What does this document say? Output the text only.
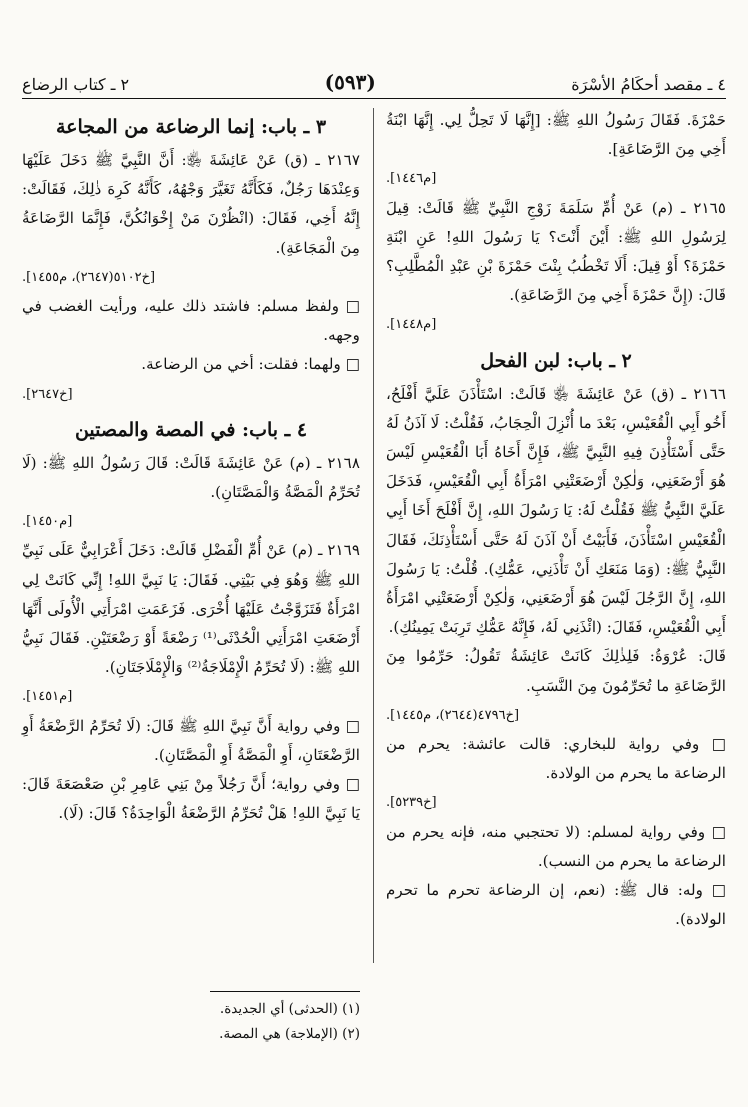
٤ ـ مقصد أحكَامُ الأسْرَة
(٥٩٣)
٢ ـ كتاب الرضاع

حَمْزَةَ. فَقَالَ رَسُولُ اللهِ ﷺ: [إِنَّهَا لَا تَحِلُّ لِي. إِنَّهَا ابْنَةُ أَخِي مِنَ الرَّضَاعَةِ].

[م١٤٤٦].

٢١٦٥ ـ (م) عَنْ أُمِّ سَلَمَةَ زَوْجِ النَّبِيِّ ﷺ قَالَتْ: قِيلَ لِرَسُولِ اللهِ ﷺ: أَيْنَ أَنْتَ؟ يَا رَسُولَ اللهِ! عَنِ ابْنَةِ حَمْزَةَ؟ أَوْ قِيلَ: أَلَا تَخْطُبُ بِنْتَ حَمْزَةَ بْنِ عَبْدِ الْمُطَّلِبِ؟ قَالَ: (إِنَّ حَمْزَةَ أَخِي مِنَ الرَّضَاعَةِ).

[م١٤٤٨].
٢ ـ باب: لبن الفحل

٢١٦٦ ـ (ق) عَنْ عَائِشَةَ ﵂ قَالَتْ: اسْتَأْذَنَ عَلَيَّ أَفْلَحُ، أَخُو أَبِي الْقُعَيْسِ، بَعْدَ ما أُنْزِلَ الْحِجَابُ، فَقُلْتُ: لَا آذَنُ لَهُ حَتَّى أَسْتَأْذِنَ فِيهِ النَّبِيَّ ﷺ، فَإِنَّ أَخَاهُ أَبَا الْقُعَيْسِ لَيْسَ هُوَ أَرْضَعَنِي، وَلٰكِنْ أَرْضَعَتْنِي امْرَأَةُ أَبِي الْقُعَيْسِ، فَدَخَلَ عَلَيَّ النَّبِيُّ ﷺ فَقُلْتُ لَهُ: يَا رَسُولَ اللهِ، إِنَّ أَفْلَحَ أَخَا أَبِي الْقُعَيْسِ اسْتَأْذَنَ، فَأَبَيْتُ أَنْ آذَنَ لَهُ حَتَّى أَسْتَأْذِنَكَ، فَقَالَ النَّبِيُّ ﷺ: (وَمَا مَنَعَكِ أَنْ تَأْذَنِي، عَمُّكِ). قُلْتُ: يَا رَسُولَ اللهِ، إِنَّ الرَّجُلَ لَيْسَ هُوَ أَرْضَعَنِي، وَلٰكِنْ أَرْضَعَتْنِي امْرَأَةُ أَبِي الْقُعَيْسِ، فَقَالَ: (ائْذَنِي لَهُ، فَإِنَّهُ عَمُّكِ تَرِبَتْ يَمِينُكِ).

قَالَ: عُرْوَةُ: فَلِذٰلِكَ كَانَتْ عَائِشَةُ تَقُولُ: حَرِّمُوا مِنَ الرَّضَاعَةِ ما تُحَرِّمُونَ مِنَ النَّسَبِ.

[خ٤٧٩٦(٢٦٤٤)، م١٤٤٥].

□ وفي رواية للبخاري: قالت عائشة: يحرم من الرضاعة ما يحرم من الولادة.

[خ٥٢٣٩].

□ وفي رواية لمسلم: (لا تحتجبي منه، فإنه يحرم من الرضاعة ما يحرم من النسب).

□ وله: قال ﷺ: (نعم، إن الرضاعة تحرم ما تحرم الولادة).

٣ ـ باب: إنما الرضاعة من المجاعة

٢١٦٧ ـ (ق) عَنْ عَائِشَةَ ﵂: أَنَّ النَّبِيَّ ﷺ دَخَلَ عَلَيْهَا وَعِنْدَهَا رَجُلٌ، فَكَأَنَّهُ تَغَيَّرَ وَجْهُهُ، كَأَنَّهُ كَرِهَ ذٰلِكَ، فَقَالَتْ: إِنَّهُ أَخِي، فَقَالَ: (انْظُرْنَ مَنْ إِخْوَانُكُنَّ، فَإِنَّمَا الرَّضَاعَةُ مِنَ الْمَجَاعَةِ).

[خ٥١٠٢(٢٦٤٧)، م١٤٥٥].

□ ولفظ مسلم: فاشتد ذلك عليه، ورأيت الغضب في وجهه.

□ ولهما: فقلت: أخي من الرضاعة.

[خ٢٦٤٧].
٤ ـ باب: في المصة والمصتين

٢١٦٨ ـ (م) عَنْ عَائِشَةَ قَالَتْ: قَالَ رَسُولُ اللهِ ﷺ: (لَا تُحَرِّمُ الْمَصَّةُ وَالْمَصَّتَانِ).

[م١٤٥٠].

٢١٦٩ ـ (م) عَنْ أُمِّ الْفَضْلِ قَالَتْ: دَخَلَ أَعْرَابِيٌّ عَلَى نَبِيِّ اللهِ ﷺ وَهُوَ فِي بَيْتِي. فَقَالَ: يَا نَبِيَّ اللهِ! إِنِّي كَانَتْ لِي امْرَأَةٌ فَتَزَوَّجْتُ عَلَيْهَا أُخْرَى. فَزَعَمَتِ امْرَأَتِي الْأُولَى أَنَّهَا أَرْضَعَتِ امْرَأَتِي الْحُدْثَى⁽¹⁾ رَضْعَةً أَوْ رَضْعَتَيْنِ. فَقَالَ نَبِيُّ اللهِ ﷺ: (لَا تُحَرِّمُ الْإِمْلَاجَةُ⁽²⁾ وَالْإِمْلَاجَتَانِ).

[م١٤٥١].

□ وفي رواية أَنَّ نَبِيَّ اللهِ ﷺ قَالَ: (لَا تُحَرِّمُ الرَّضْعَةُ أَوِ الرَّضْعَتَانِ، أَوِ الْمَصَّةُ أَوِ الْمَصَّتَانِ).

□ وفي رواية؛ أَنَّ رَجُلاً مِنْ بَنِي عَامِرِ بْنِ صَعْصَعَةَ قَالَ: يَا نَبِيَّ اللهِ! هَلْ تُحَرِّمُ الرَّضْعَةُ الْوَاحِدَةُ؟ قَالَ: (لَا).

(١) (الحدثى) أي الجديدة.

(٢) (الإملاجة) هي المصة.
